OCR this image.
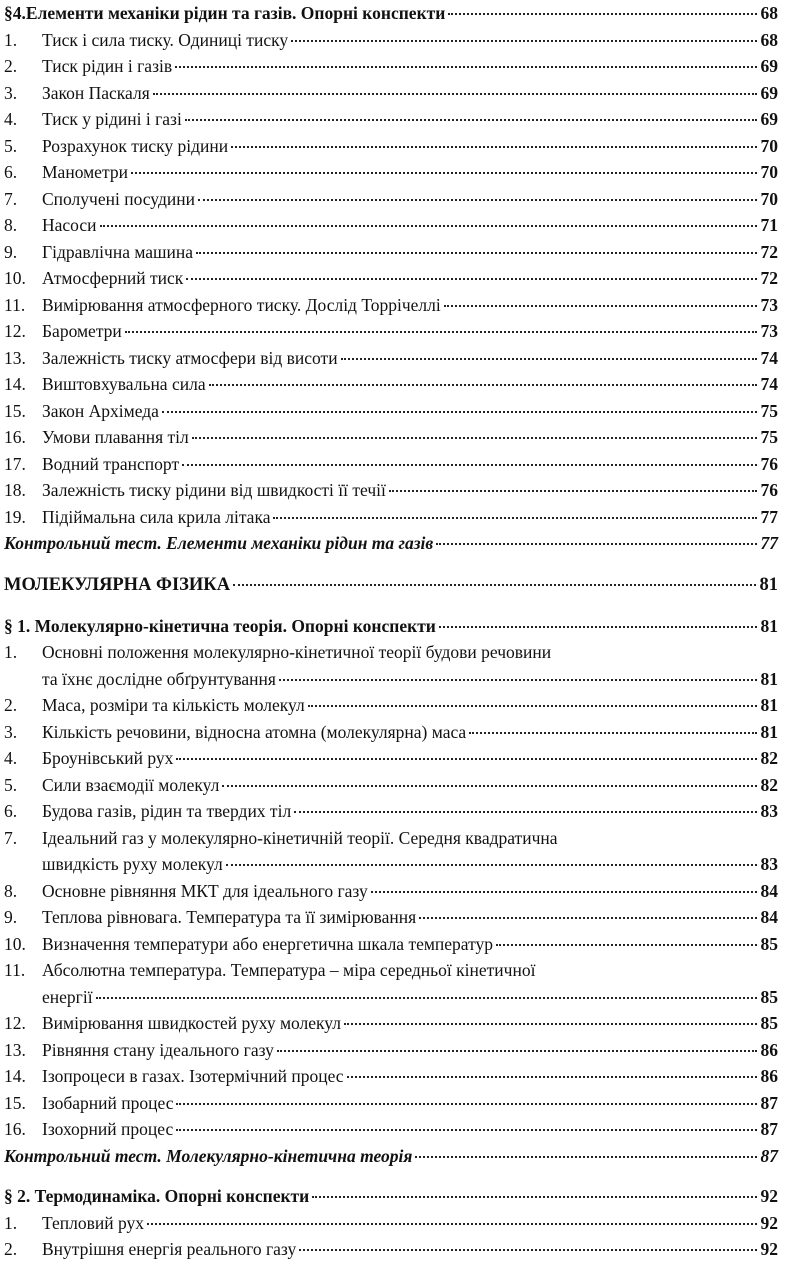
§4.Елементи механіки рідин та газів. Опорні конспекти	68
1.	Тиск і сила тиску. Одиниці тиску	68
2.	Тиск рідин і газів	69
3.	Закон Паскаля	69
4.	Тиск у рідині і газі	69
5.	Розрахунок тиску рідини	70
6.	Манометри	70
7.	Сполучені посудини	70
8.	Насоси	71
9.	Гідравлічна машина	72
10. Атмосферний тиск	72
11. Вимірювання атмосферного тиску. Дослід Торрічеллі	73
12. Барометри	73
13. Залежність тиску атмосфери від висоти	74
14. Виштовхувальна сила	74
15. Закон Архімеда	75
16. Умови плавання тіл	75
17. Водний транспорт	76
18. Залежність тиску рідини від швидкості її течії	76
19. Підіймальна сила крила літака	77
Контрольний тест. Елементи механіки рідин та газів	77
МОЛЕКУЛЯРНА ФІЗИКА	81
§ 1. Молекулярно-кінетична теорія. Опорні конспекти	81
1.	Основні положення молекулярно-кінетичної теорії будови речовини
та їхнє дослідне обґрунтування	81
2.	Маса, розміри та кількість молекул	81
3.	Кількість речовини, відносна атомна (молекулярна) маса	81
4.	Броунівський рух	82
5.	Сили взаємодії молекул	82
6.	Будова газів, рідин та твердих тіл	83
7.	Ідеальний газ у молекулярно-кінетичній теорії. Середня квадратична
швидкість руху молекул	83
8.	Основне рівняння МКТ для ідеального газу	84
9.	Теплова рівновага. Температура та її зимірювання	84
10. Визначення температури або енергетична шкала температур	85
11. Абсолютна температура. Температура – міра середньої кінетичної
енергії	85
12. Вимірювання швидкостей руху молекул	85
13. Рівняння стану ідеального газу	86
14. Ізопроцеси в газах. Ізотермічний процес	86
15. Ізобарний процес	87
16. Ізохорний процес	87
Контрольний тест. Молекулярно-кінетична теорія	87
§ 2. Термодинаміка. Опорні конспекти	92
1.	Тепловий рух	92
2.	Внутрішня енергія реального газу	92
